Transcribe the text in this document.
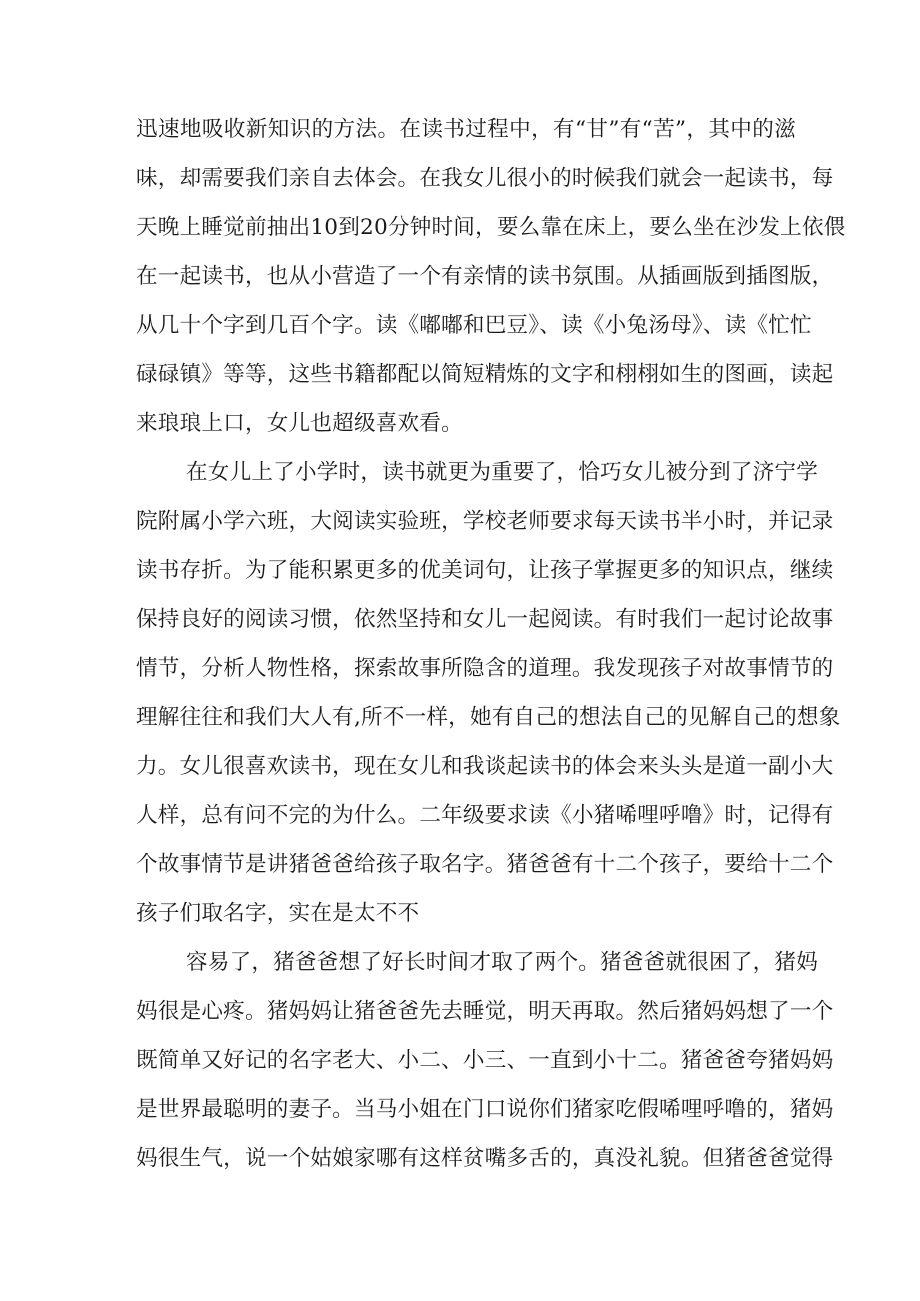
迅速地吸收新知识的方法。在读书过程中，有“甘”有“苦”，其中的滋
味，却需要我们亲自去体会。在我女儿很小的时候我们就会一起读书，每
天晚上睡觉前抽出10到20分钟时间，要么靠在床上，要么坐在沙发上依偎
在一起读书，也从小营造了一个有亲情的读书氛围。从插画版到插图版，
从几十个字到几百个字。读《嘟嘟和巴豆》、读《小兔汤母》、读《忙忙
碌碌镇》等等，这些书籍都配以简短精炼的文字和栩栩如生的图画，读起
来琅琅上口，女儿也超级喜欢看。
在女儿上了小学时，读书就更为重要了，恰巧女儿被分到了济宁学
院附属小学六班，大阅读实验班，学校老师要求每天读书半小时，并记录
读书存折。为了能积累更多的优美词句，让孩子掌握更多的知识点，继续
保持良好的阅读习惯，依然坚持和女儿一起阅读。有时我们一起讨论故事
情节，分析人物性格，探索故事所隐含的道理。我发现孩子对故事情节的
理解往往和我们大人有,所不一样，她有自己的想法自己的见解自己的想象
力。女儿很喜欢读书，现在女儿和我谈起读书的体会来头头是道一副小大
人样，总有问不完的为什么。二年级要求读《小猪唏哩呼噜》时，记得有
个故事情节是讲猪爸爸给孩子取名字。猪爸爸有十二个孩子，要给十二个
孩子们取名字，实在是太不不
容易了，猪爸爸想了好长时间才取了两个。猪爸爸就很困了，猪妈
妈很是心疼。猪妈妈让猪爸爸先去睡觉，明天再取。然后猪妈妈想了一个
既简单又好记的名字老大、小二、小三、一直到小十二。猪爸爸夸猪妈妈
是世界最聪明的妻子。当马小姐在门口说你们猪家吃假唏哩呼噜的，猪妈
妈很生气，说一个姑娘家哪有这样贫嘴多舌的，真没礼貌。但猪爸爸觉得
